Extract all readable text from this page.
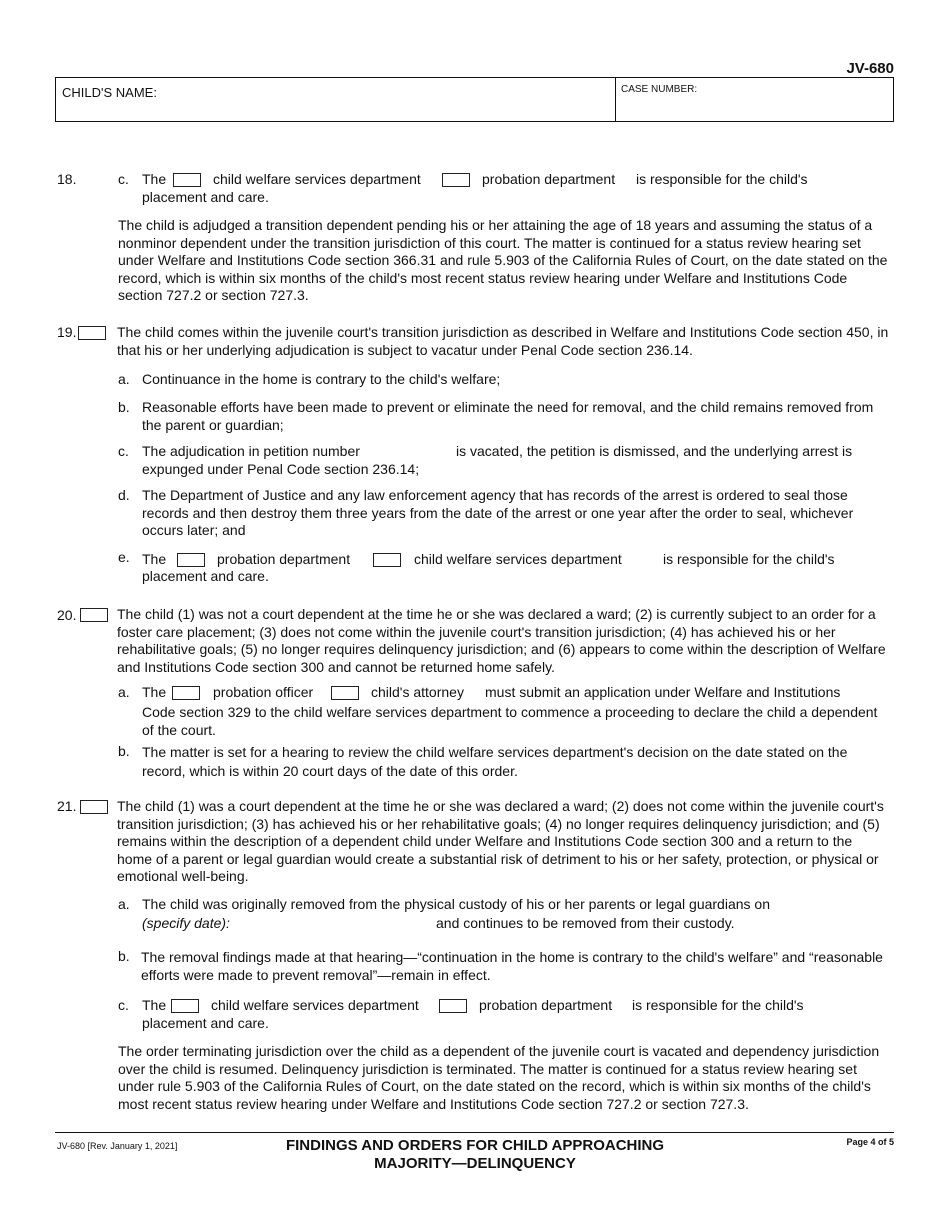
JV-680
CHILD'S NAME:	CASE NUMBER:
18.	c. The	child welfare services department	probation department is responsible for the child's
placement and care.
The child is adjudged a transition dependent pending his or her attaining the age of 18 years and assuming the status of a nonminor dependent under the transition jurisdiction of this court. The matter is continued for a status review hearing set under Welfare and Institutions Code section 366.31 and rule 5.903 of the California Rules of Court, on the date stated on the record, which is within six months of the child's most recent status review hearing under Welfare and Institutions Code section 727.2 or section 727.3.
19.	The child comes within the juvenile court's transition jurisdiction as described in Welfare and Institutions Code section 450, in that his or her underlying adjudication is subject to vacatur under Penal Code section 236.14.
a. Continuance in the home is contrary to the child's welfare;
b. Reasonable efforts have been made to prevent or eliminate the need for removal, and the child remains removed from the parent or guardian;
c. The adjudication in petition number	is vacated, the petition is dismissed, and the underlying arrest is
expunged under Penal Code section 236.14;
d. The Department of Justice and any law enforcement agency that has records of the arrest is ordered to seal those records and then destroy them three years from the date of the arrest or one year after the order to seal, whichever occurs later; and
e. The	probation department	child welfare services department	is responsible for the child's
placement and care.
20.	The child (1) was not a court dependent at the time he or she was declared a ward; (2) is currently subject to an order for a foster care placement; (3) does not come within the juvenile court's transition jurisdiction; (4) has achieved his or her rehabilitative goals; (5) no longer requires delinquency jurisdiction; and (6) appears to come within the description of Welfare and Institutions Code section 300 and cannot be returned home safely.
a. The	probation officer	child's attorney must submit an application under Welfare and Institutions
Code section 329 to the child welfare services department to commence a proceeding to declare the child a dependent of the court.
b. The matter is set for a hearing to review the child welfare services department's decision on the date stated on the record, which is within 20 court days of the date of this order.
21.	The child (1) was a court dependent at the time he or she was declared a ward; (2) does not come within the juvenile court's transition jurisdiction; (3) has achieved his or her rehabilitative goals; (4) no longer requires delinquency jurisdiction; and (5) remains within the description of a dependent child under Welfare and Institutions Code section 300 and a return to the home of a parent or legal guardian would create a substantial risk of detriment to his or her safety, protection, or physical or emotional well-being.
a. The child was originally removed from the physical custody of his or her parents or legal guardians on
(specify date):	and continues to be removed from their custody.
b. The removal findings made at that hearing—“continuation in the home is contrary to the child's welfare” and “reasonable efforts were made to prevent removal”—remain in effect.
c. The	child welfare services department	probation department is responsible for the child's
placement and care.
The order terminating jurisdiction over the child as a dependent of the juvenile court is vacated and dependency jurisdiction over the child is resumed. Delinquency jurisdiction is terminated. The matter is continued for a status review hearing set under rule 5.903 of the California Rules of Court, on the date stated on the record, which is within six months of the child's most recent status review hearing under Welfare and Institutions Code section 727.2 or section 727.3.
JV-680 [Rev. January 1, 2021]	FINDINGS AND ORDERS FOR CHILD APPROACHING
MAJORITY—DELINQUENCY
Page 4 of 5
